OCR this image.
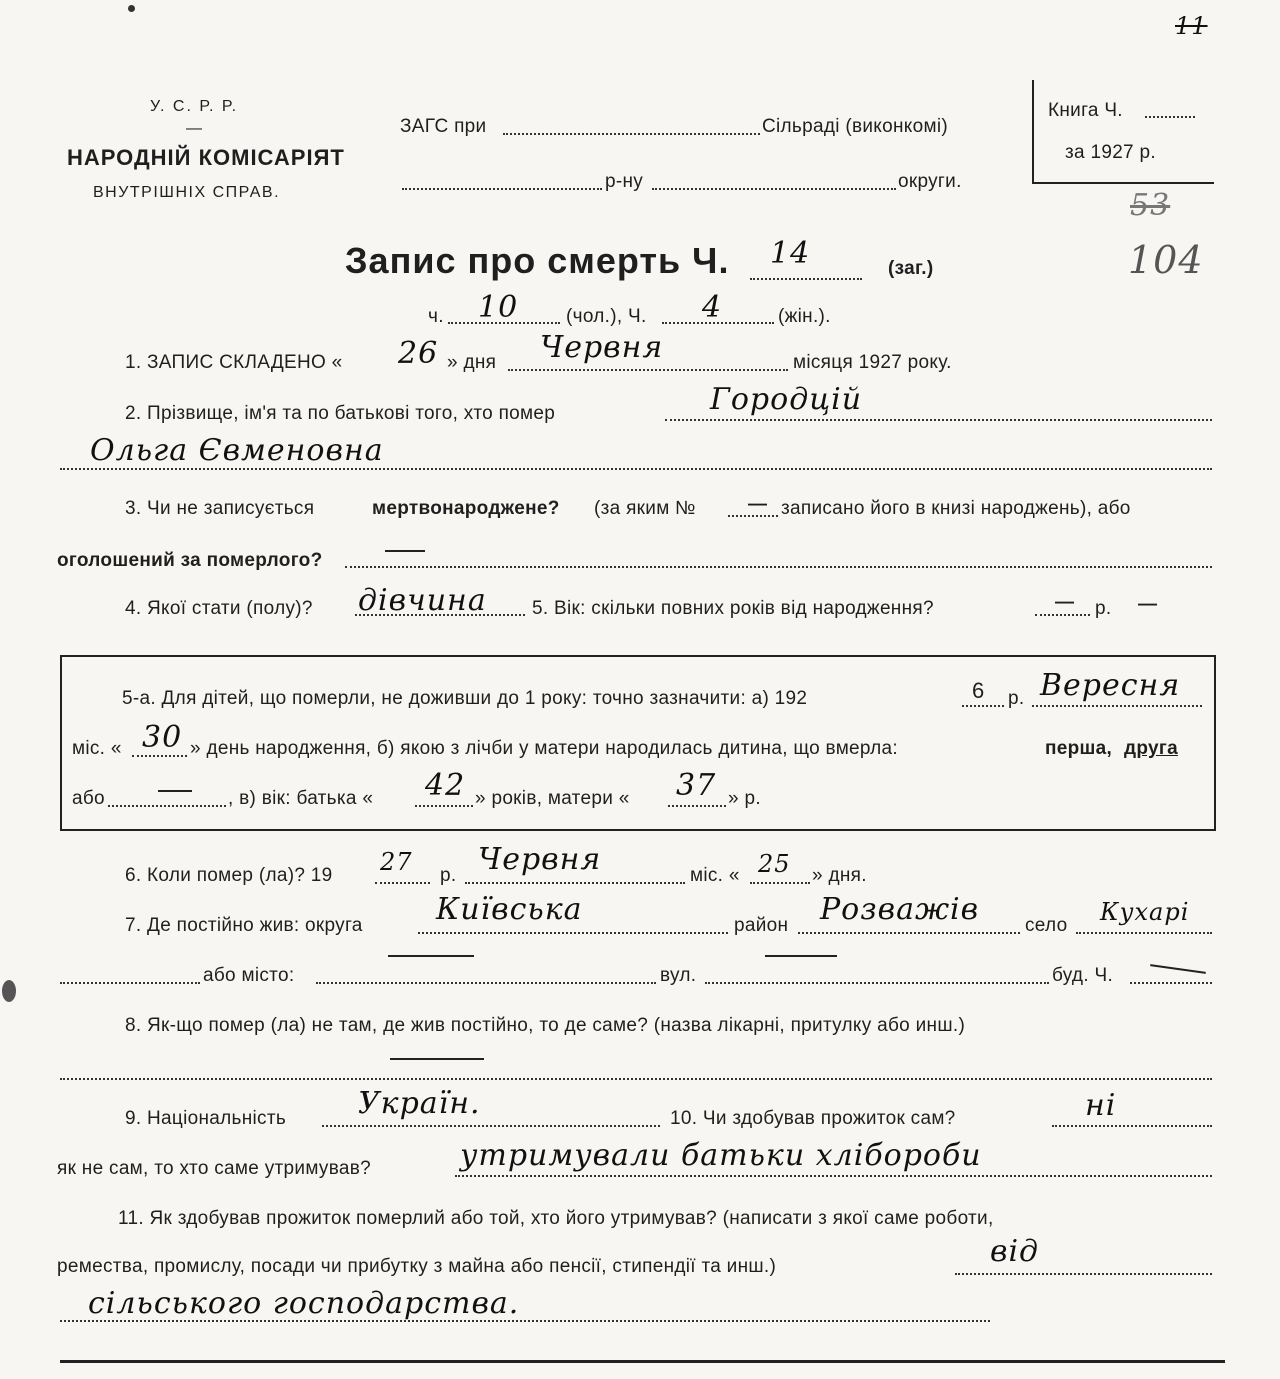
11
53
104
У. С. Р. Р.
—
НАРОДНІЙ КОМІСАРІЯТ
ВНУТРІШНІХ СПРАВ.
ЗАГС при	Сільраді (виконкомі)
р-ну	округи.
Книга Ч.
за 1927 р.
Запис про смерть Ч. 14	(заг.)
ч. 10	(чол.), Ч. 4	(жін.).
1. ЗАПИС СКЛАДЕНО « 26 » дня Червня	місяця 1927 року.
2. Прізвище, ім'я та по батькові того, хто помер	Городцій
Ольга Євменовна
3. Чи не записується	мертвонароджене? (за яким №	— записано його в книзі народжень), або
оголошений за померлого?
4. Якої стати (полу)? дівчина 5. Вік: скільки повних років від народження?	— р. —
5-а. Для дітей, що померли, не доживши до 1 року: точно зазначити: а) 192	6 р. Вересня
міс. « 30 » день народження, б) якою з лічби у матери народилась дитина, що вмерла:	перша, друга
або	, в) вік: батька « 42 » років, матери « 37 » р.
6. Коли помер (ла)? 19 27 р. Червня	міс. « 25 » дня.
7. Де постійно жив: округа Київська	район Розважів село Кухарі
або місто:	вул.	буд. Ч.
8. Як-що помер (ла) не там, де жив постійно, то де саме? (назва лікарні, притулку або инш.)
9. Національність Україн.	10. Чи здобував прожиток сам?	ні
як не сам, то хто саме утримував?	утримували батьки хлібороби
11. Як здобував прожиток померлий або той, хто його утримував? (написати з якої саме роботи,
ремества, промислу, посади чи прибутку з майна або пенсії, стипендії та инш.)	від
сільського господарства.
